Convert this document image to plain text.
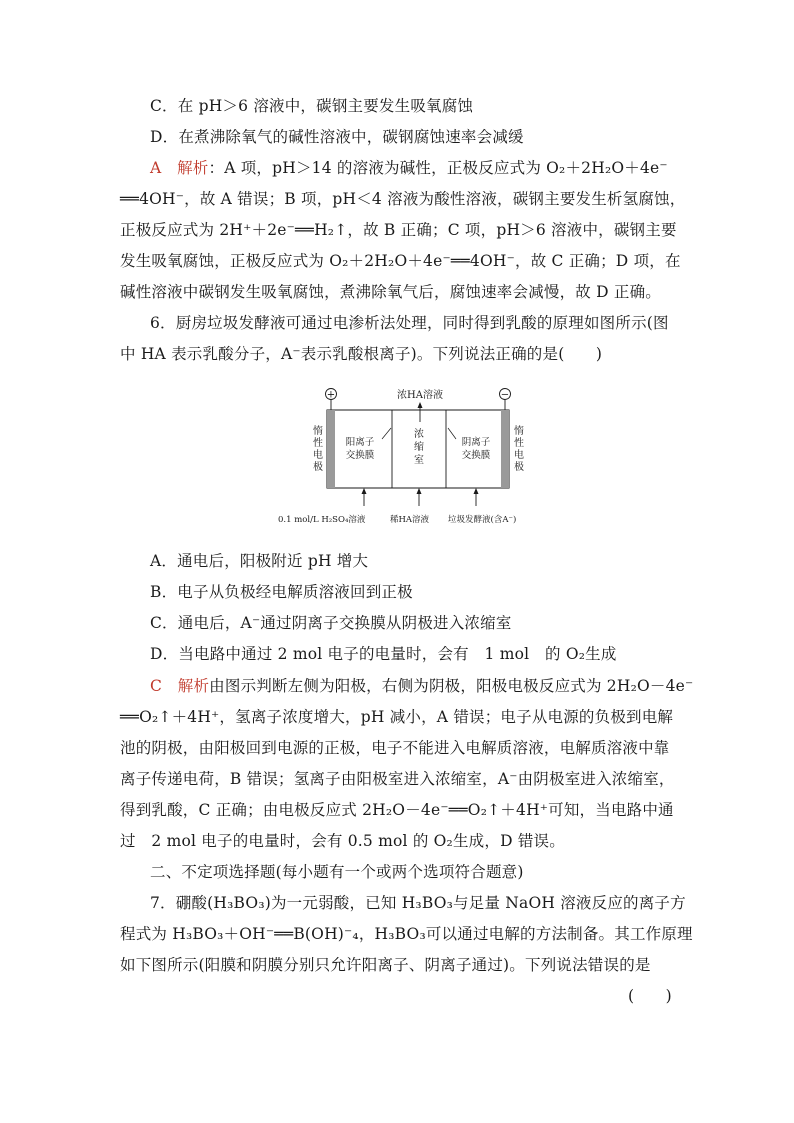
C．在 pH＞6 溶液中，碳钢主要发生吸氧腐蚀
D．在煮沸除氧气的碱性溶液中，碳钢腐蚀速率会减缓
A　解析：A 项，pH＞14 的溶液为碱性，正极反应式为 O₂＋2H₂O＋4e⁻
══4OH⁻，故 A 错误；B 项，pH＜4 溶液为酸性溶液，碳钢主要发生析氢腐蚀，
正极反应式为 2H⁺＋2e⁻══H₂↑，故 B 正确；C 项，pH＞6 溶液中，碳钢主要
发生吸氧腐蚀，正极反应式为 O₂＋2H₂O＋4e⁻══4OH⁻，故 C 正确；D 项，在
碱性溶液中碳钢发生吸氧腐蚀，煮沸除氧气后，腐蚀速率会减慢，故 D 正确。
6．厨房垃圾发酵液可通过电渗析法处理，同时得到乳酸的原理如图所示(图
中 HA 表示乳酸分子，A⁻表示乳酸根离子)。下列说法正确的是(　　)
+	−
浓HA溶液
惰
性
电
极
惰
性
电
极
阳离子
交换膜
浓
缩
室
阴离子
交换膜
0.1 mol/L H₂SO₄溶液	稀HA溶液 垃圾发酵液(含A⁻)
A．通电后，阳极附近 pH 增大
B．电子从负极经电解质溶液回到正极
C．通电后，A⁻通过阴离子交换膜从阴极进入浓缩室
D．当电路中通过 2 mol 电子的电量时，会有　1 mol　的 O₂生成
C　解析由图示判断左侧为阳极，右侧为阴极，阳极电极反应式为 2H₂O－4e⁻
══O₂↑＋4H⁺，氢离子浓度增大，pH 减小，A 错误；电子从电源的负极到电解
池的阴极，由阳极回到电源的正极，电子不能进入电解质溶液，电解质溶液中靠
离子传递电荷，B 错误；氢离子由阳极室进入浓缩室，A⁻由阴极室进入浓缩室，
得到乳酸，C 正确；由电极反应式 2H₂O－4e⁻══O₂↑＋4H⁺可知，当电路中通
过　2 mol 电子的电量时，会有 0.5 mol 的 O₂生成，D 错误。
二、不定项选择题(每小题有一个或两个选项符合题意)
7．硼酸(H₃BO₃)为一元弱酸，已知 H₃BO₃与足量 NaOH 溶液反应的离子方
程式为 H₃BO₃＋OH⁻══B(OH)⁻₄，H₃BO₃可以通过电解的方法制备。其工作原理
如下图所示(阳膜和阴膜分别只允许阳离子、阴离子通过)。下列说法错误的是
(　　)
